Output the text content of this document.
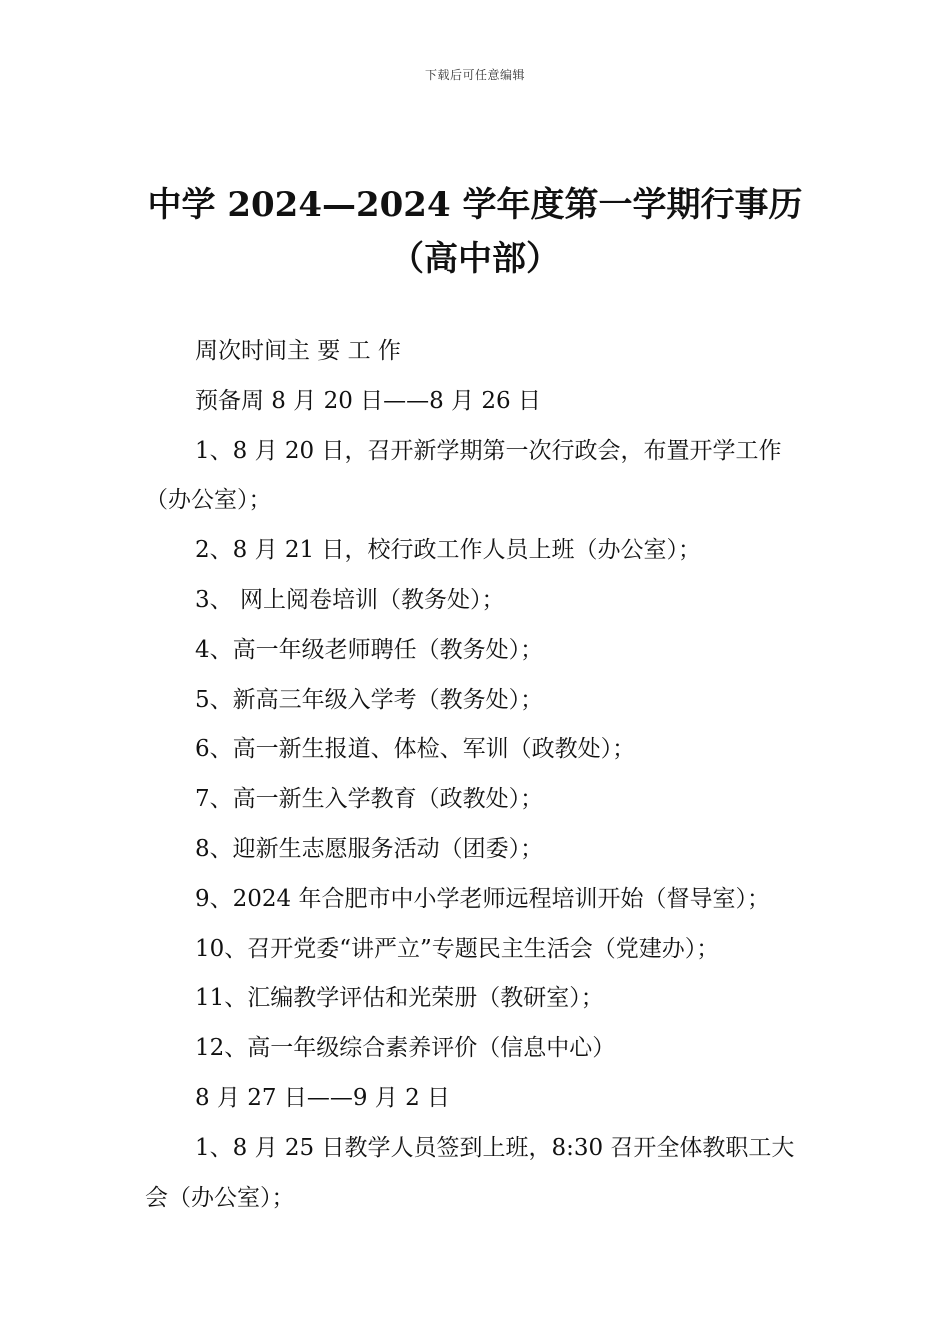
下载后可任意编辑
中学 2024—2024 学年度第一学期行事历
（高中部）

周次时间主 要 工 作

预备周 8 月 20 日——8 月 26 日

1、8 月 20 日，召开新学期第一次行政会，布置开学工作（办公室）；

2、8 月 21 日，校行政工作人员上班（办公室）；

3、 网上阅卷培训（教务处）；

4、高一年级老师聘任（教务处）；

5、新高三年级入学考（教务处）；

6、高一新生报道、体检、军训（政教处）；

7、高一新生入学教育（政教处）；

8、迎新生志愿服务活动（团委）；

9、2024 年合肥市中小学老师远程培训开始（督导室）；

10、召开党委“讲严立”专题民主生活会（党建办）；

11、汇编教学评估和光荣册（教研室）；

12、高一年级综合素养评价（信息中心）

8 月 27 日——9 月 2 日

1、8 月 25 日教学人员签到上班，8:30 召开全体教职工大会（办公室）；
